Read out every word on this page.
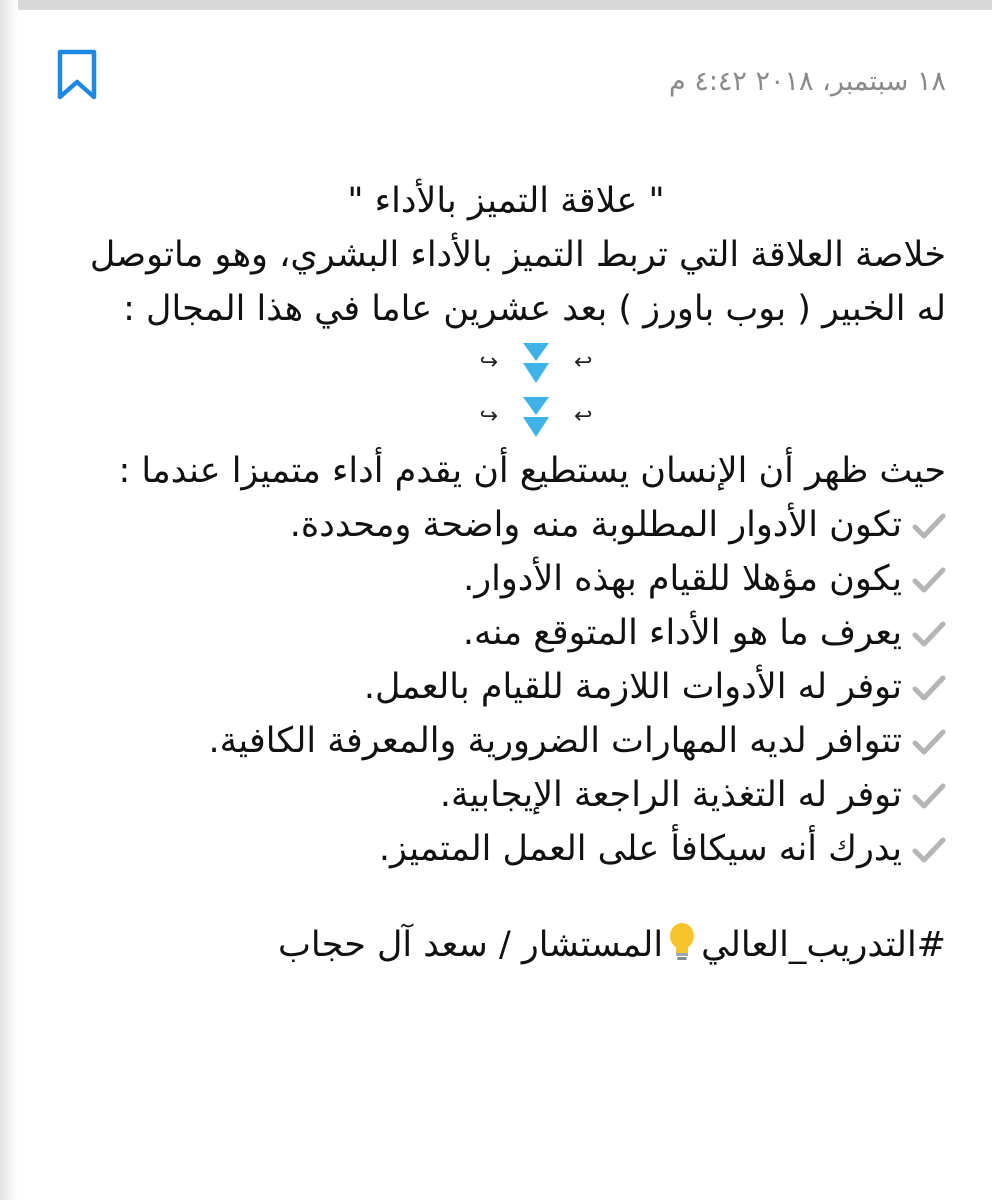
١٨ سبتمبر، ٢٠١٨ ٤:٤٢ م
" علاقة التميز بالأداء "
خلاصة العلاقة التي تربط التميز بالأداء البشري، وهو ماتوصل
له الخبير ( بوب باورز ) بعد عشرين عاما في هذا المجال :
↪	↩
↪	↩
حيث ظهر أن الإنسان يستطيع أن يقدم أداء متميزا عندما :
تكون الأدوار المطلوبة منه واضحة ومحددة.
يكون مؤهلا للقيام بهذه الأدوار.
يعرف ما هو الأداء المتوقع منه.
توفر له الأدوات اللازمة للقيام بالعمل.
تتوافر لديه المهارات الضرورية والمعرفة الكافية.
توفر له التغذية الراجعة الإيجابية.
يدرك أنه سيكافأ على العمل المتميز.
#التدريب_العاليالمستشار / سعد آل حجاب
